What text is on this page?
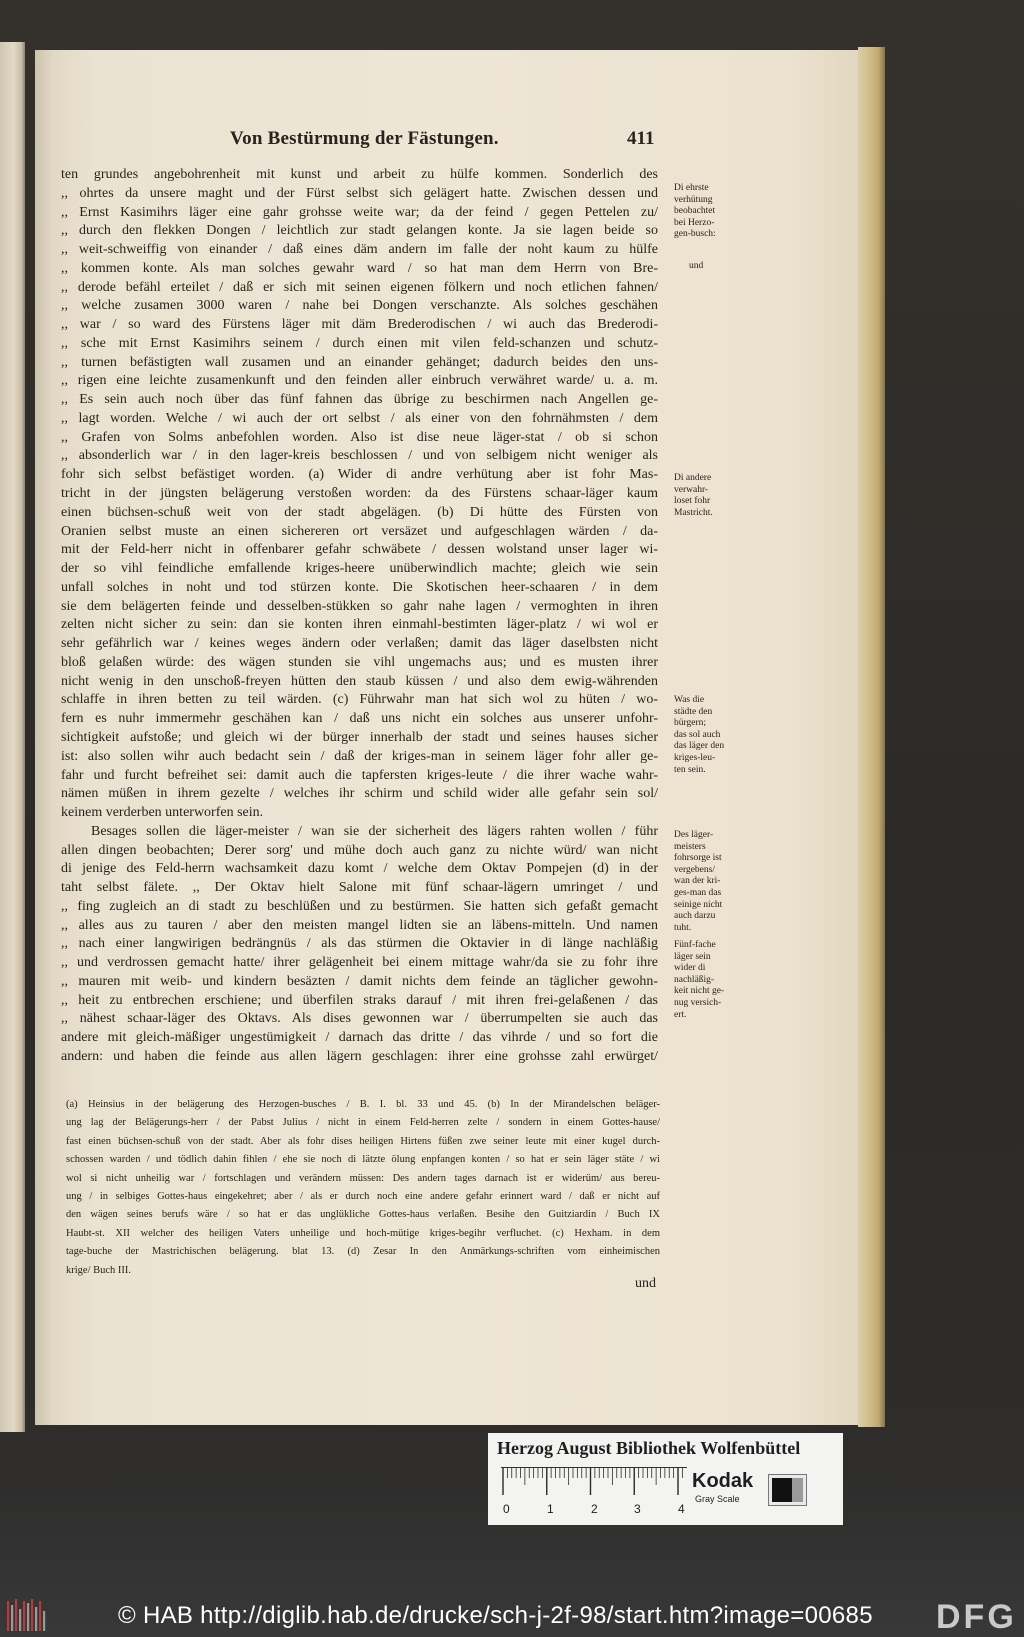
Von Bestürmung der Fästungen.	411
ten grundes angebohrenheit mit kunst und arbeit zu hülfe kommen. Sonderlich des
,, ohrtes da unsere maght und der Fürst selbst sich gelägert hatte. Zwischen dessen und
,, Ernst Kasimihrs läger eine gahr grohsse weite war; da der feind / gegen Pettelen zu/
,, durch den flekken Dongen / leichtlich zur stadt gelangen konte. Ja sie lagen beide so
,, weit-schweiffig von einander / daß eines däm andern im falle der noht kaum zu hülfe
,, kommen konte. Als man solches gewahr ward / so hat man dem Herrn von Bre-
,, derode befähl erteilet / daß er sich mit seinen eigenen fölkern und noch etlichen fahnen/
,, welche zusamen 3000 waren / nahe bei Dongen verschanzte. Als solches geschähen
,, war / so ward des Fürstens läger mit däm Brederodischen / wi auch das Brederodi-
,, sche mit Ernst Kasimihrs seinem / durch einen mit vilen feld-schanzen und schutz-
,, turnen befästigten wall zusamen und an einander gehänget; dadurch beides den uns-
,, rigen eine leichte zusamenkunft und den feinden aller einbruch verwähret warde/ u. a. m.
,, Es sein auch noch über das fünf fahnen das übrige zu beschirmen nach Angellen ge-
,, lagt worden. Welche / wi auch der ort selbst / als einer von den fohrnähmsten / dem
,, Grafen von Solms anbefohlen worden. Also ist dise neue läger-stat / ob si schon
,, absonderlich war / in den lager-kreis beschlossen / und von selbigem nicht weniger als
fohr sich selbst befästiget worden. (a) Wider di andre verhütung aber ist fohr Mas-
tricht in der jüngsten belägerung verstoßen worden: da des Fürstens schaar-läger kaum
einen büchsen-schuß weit von der stadt abgelägen. (b) Di hütte des Fürsten von
Oranien selbst muste an einen sichereren ort versäzet und aufgeschlagen wärden / da-
mit der Feld-herr nicht in offenbarer gefahr schwäbete / dessen wolstand unser lager wi-
der so vihl feindliche emfallende kriges-heere unüberwindlich machte; gleich wie sein
unfall solches in noht und tod stürzen konte. Die Skotischen heer-schaaren / in dem
sie dem belägerten feinde und desselben-stükken so gahr nahe lagen / vermoghten in ihren
zelten nicht sicher zu sein: dan sie konten ihren einmahl-bestimten läger-platz / wi wol er
sehr gefährlich war / keines weges ändern oder verlaßen; damit das läger daselbsten nicht
bloß gelaßen würde: des wägen stunden sie vihl ungemachs aus; und es musten ihrer
nicht wenig in den unschoß-freyen hütten den staub küssen / und also dem ewig-währenden
schlaffe in ihren betten zu teil wärden. (c) Führwahr man hat sich wol zu hüten / wo-
fern es nuhr immermehr geschähen kan / daß uns nicht ein solches aus unserer unfohr-
sichtigkeit aufstoße; und gleich wi der bürger innerhalb der stadt und seines hauses sicher
ist: also sollen wihr auch bedacht sein / daß der kriges-man in seinem läger fohr aller ge-
fahr und furcht befreihet sei: damit auch die tapfersten kriges-leute / die ihrer wache wahr-
nämen müßen in ihrem gezelte / welches ihr schirm und schild wider alle gefahr sein sol/
keinem verderben unterworfen sein.
Besages sollen die läger-meister / wan sie der sicherheit des lägers rahten wollen / führ
allen dingen beobachten; Derer sorg' und mühe doch auch ganz zu nichte würd/ wan nicht
di jenige des Feld-herrn wachsamkeit dazu komt / welche dem Oktav Pompejen (d) in der
taht selbst fälete. ,, Der Oktav hielt Salone mit fünf schaar-lägern umringet / und
,, fing zugleich an di stadt zu beschlüßen und zu bestürmen. Sie hatten sich gefaßt gemacht
,, alles aus zu tauren / aber den meisten mangel lidten sie an läbens-mitteln. Und namen
,, nach einer langwirigen bedrängnüs / als das stürmen die Oktavier in di länge nachläßig
,, und verdrossen gemacht hatte/ ihrer gelägenheit bei einem mittage wahr/da sie zu fohr ihre
,, mauren mit weib- und kindern besäzten / damit nichts dem feinde an täglicher gewohn-
,, heit zu entbrechen erschiene; und überfilen straks darauf / mit ihren frei-gelaßenen / das
,, nähest schaar-läger des Oktavs. Als dises gewonnen war / überrumpelten sie auch das
andere mit gleich-mäßiger ungestümigkeit / darnach das dritte / das vihrde / und so fort die
andern: und haben die feinde aus allen lägern geschlagen: ihrer eine grohsse zahl erwürget/
Di ehrste
verhütung
beobachtet
bei Herzo-
gen-busch:
und
Di andere
verwahr-
loset fohr
Mastricht.
Was die
städte den
bürgern;
das sol auch
das läger den
kriges-leu-
ten sein.
Des läger-
meisters
fohrsorge ist
vergebens/
wan der kri-
ges-man das
seinige nicht
auch darzu
tuht.
Fünf-fache
läger sein
wider di
nachläßig-
keit nicht ge-
nug versich-
ert.
(a) Heinsius in der belägerung des Herzogen-busches / B. I. bl. 33 und 45. (b) In der Mirandelschen beläger-
ung lag der Belägerungs-herr / der Pabst Julius / nicht in einem Feld-herren zelte / sondern in einem Gottes-hause/
fast einen büchsen-schuß von der stadt. Aber als fohr dises heiligen Hirtens füßen zwe seiner leute mit einer kugel durch-
schossen warden / und tödlich dahin fihlen / ehe sie noch di lätzte ölung enpfangen konten / so hat er sein läger stäte / wi
wol si nicht unheilig war / fortschlagen und verändern müssen: Des andern tages darnach ist er widerüm/ aus bereu-
ung / in selbiges Gottes-haus eingekehret; aber / als er durch noch eine andere gefahr erinnert ward / daß er nicht auf
den wägen seines berufs wäre / so hat er das unglükliche Gottes-haus verlaßen. Besihe den Guitziardin / Buch IX
Haubt-st. XII welcher des heiligen Vaters unheilige und hoch-mütige kriges-begihr verfluchet. (c) Hexham. in dem
tage-buche der Mastrichischen belägerung. blat 13. (d) Zesar In den Anmärkungs-schriften vom einheimischen
krige/ Buch III.
und
Herzog August Bibliothek Wolfenbüttel
Kodak
Gray Scale
0	1	2	3	4
© HAB http://diglib.hab.de/drucke/sch-j-2f-98/start.htm?image=00685 DFG
